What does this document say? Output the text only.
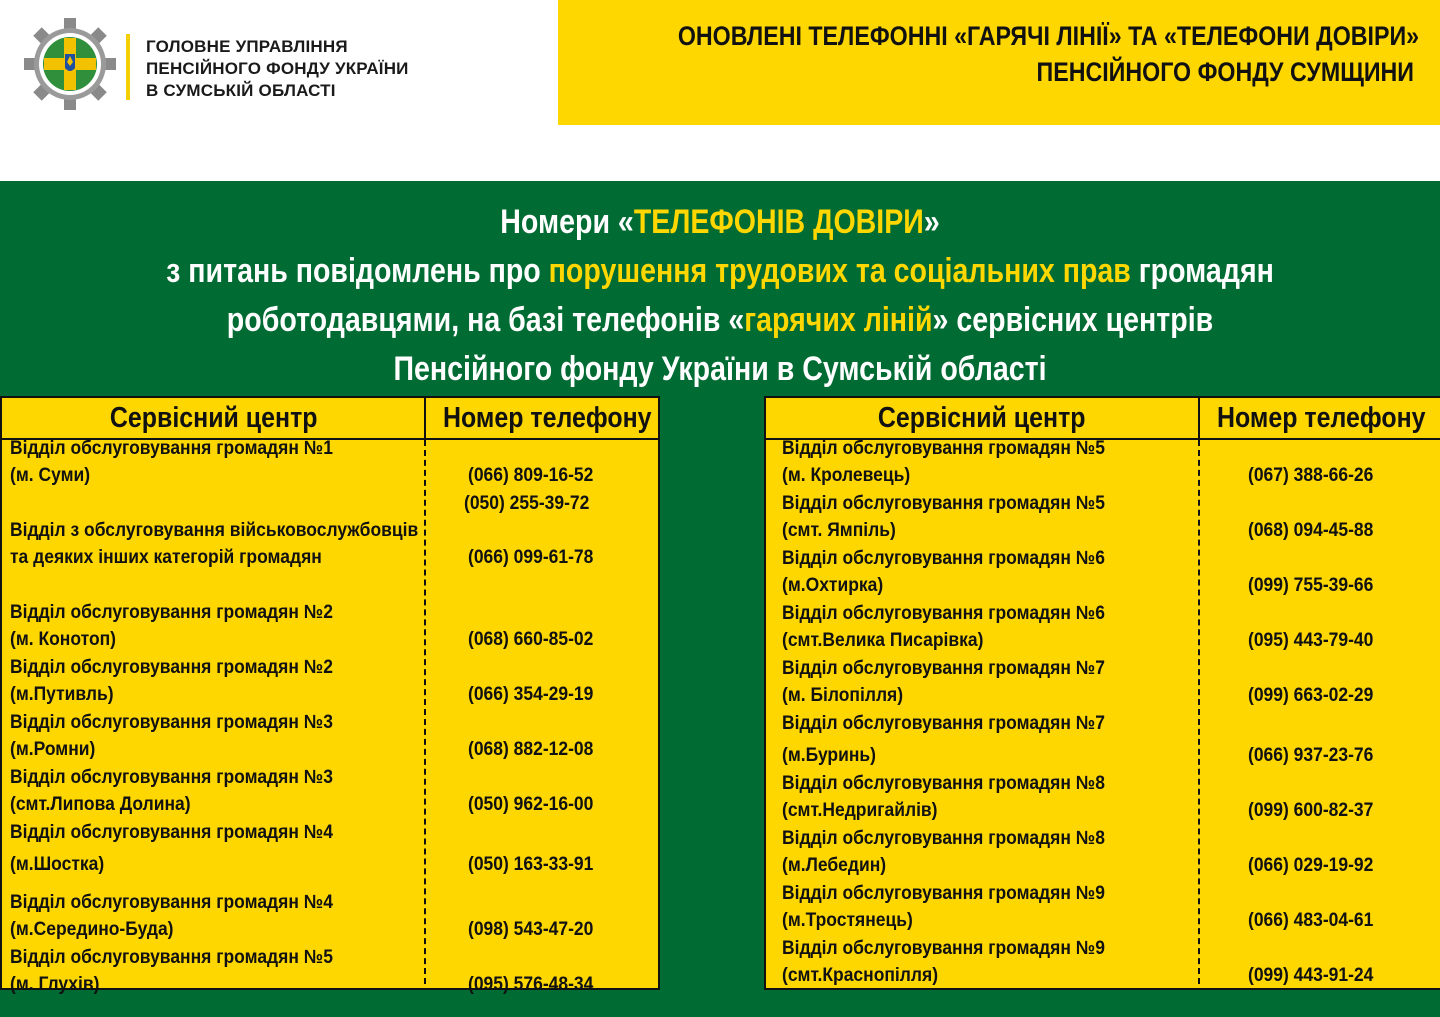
ГОЛОВНЕ УПРАВЛІННЯ
ПЕНСІЙНОГО ФОНДУ УКРАЇНИ
В СУМСЬКІЙ ОБЛАСТІ
ОНОВЛЕНІ ТЕЛЕФОННІ «ГАРЯЧІ ЛІНІЇ» ТА «ТЕЛЕФОНИ ДОВІРИ»
ПЕНСІЙНОГО ФОНДУ СУМЩИНИ
Номери «ТЕЛЕФОНІВ ДОВІРИ»
з питань повідомлень про порушення трудових та соціальних прав громадян
роботодавцями, на базі телефонів «гарячих ліній» сервісних центрів
Пенсійного фонду України в Сумській області
Сервісний центр	Номер телефону
Відділ обслуговування громадян №1
(м. Суми)	(066) 809-16-52
(050) 255-39-72
Відділ з обслуговування військовослужбовців
та деяких інших категорій громадян	(066) 099-61-78
Відділ обслуговування громадян №2
(м. Конотоп)	(068) 660-85-02
Відділ обслуговування громадян №2
(м.Путивль)	(066) 354-29-19
Відділ обслуговування громадян №3
(м.Ромни)	(068) 882-12-08
Відділ обслуговування громадян №3
(смт.Липова Долина)	(050) 962-16-00
Відділ обслуговування громадян №4
(м.Шостка)	(050) 163-33-91
Відділ обслуговування громадян №4
(м.Середино-Буда)	(098) 543-47-20
Відділ обслуговування громадян №5
(м. Глухів)	(095) 576-48-34
Сервісний центр	Номер телефону
Відділ обслуговування громадян №5
(м. Кролевець)	(067) 388-66-26
Відділ обслуговування громадян №5
(смт. Ямпіль)	(068) 094-45-88
Відділ обслуговування громадян №6
(м.Охтирка)	(099) 755-39-66
Відділ обслуговування громадян №6
(смт.Велика Писарівка)	(095) 443-79-40
Відділ обслуговування громадян №7
(м. Білопілля)	(099) 663-02-29
Відділ обслуговування громадян №7
(м.Буринь)	(066) 937-23-76
Відділ обслуговування громадян №8
(смт.Недригайлів)	(099) 600-82-37
Відділ обслуговування громадян №8
(м.Лебедин)	(066) 029-19-92
Відділ обслуговування громадян №9
(м.Тростянець)	(066) 483-04-61
Відділ обслуговування громадян №9
(смт.Краснопілля)	(099) 443-91-24
